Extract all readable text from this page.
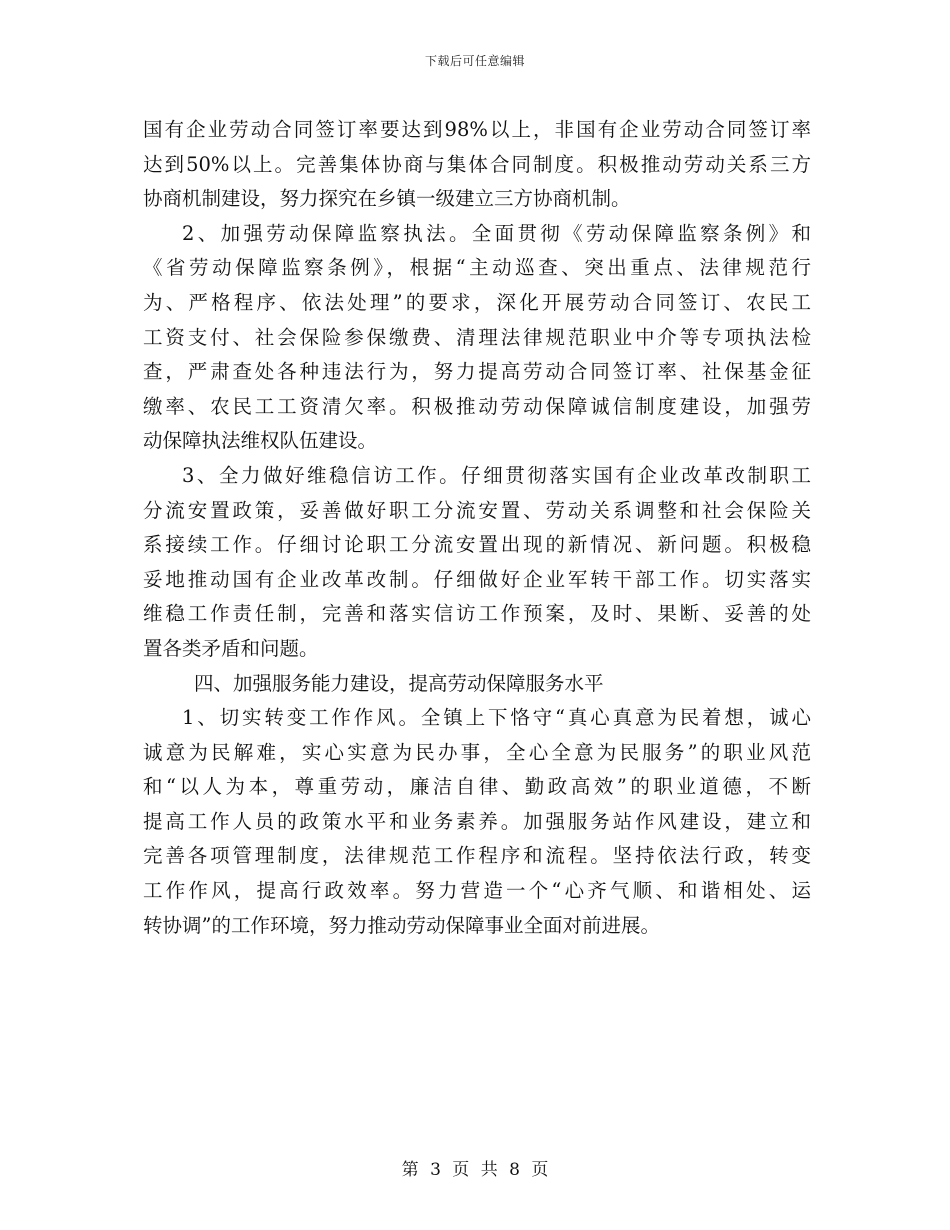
下载后可任意编辑
国有企业劳动合同签订率要达到98%以上，非国有企业劳动合同签订率
达到50%以上。完善集体协商与集体合同制度。积极推动劳动关系三方
协商机制建设，努力探究在乡镇一级建立三方协商机制。
2、加强劳动保障监察执法。全面贯彻《劳动保障监察条例》和
《省劳动保障监察条例》，根据“主动巡查、突出重点、法律规范行
为、严格程序、依法处理”的要求，深化开展劳动合同签订、农民工
工资支付、社会保险参保缴费、清理法律规范职业中介等专项执法检
查，严肃查处各种违法行为，努力提高劳动合同签订率、社保基金征
缴率、农民工工资清欠率。积极推动劳动保障诚信制度建设，加强劳
动保障执法维权队伍建设。
3、全力做好维稳信访工作。仔细贯彻落实国有企业改革改制职工
分流安置政策，妥善做好职工分流安置、劳动关系调整和社会保险关
系接续工作。仔细讨论职工分流安置出现的新情况、新问题。积极稳
妥地推动国有企业改革改制。仔细做好企业军转干部工作。切实落实
维稳工作责任制，完善和落实信访工作预案，及时、果断、妥善的处
置各类矛盾和问题。
四、加强服务能力建设，提高劳动保障服务水平
1、切实转变工作作风。全镇上下恪守“真心真意为民着想，诚心
诚意为民解难，实心实意为民办事，全心全意为民服务”的职业风范
和“以人为本，尊重劳动，廉洁自律、勤政高效”的职业道德，不断
提高工作人员的政策水平和业务素养。加强服务站作风建设，建立和
完善各项管理制度，法律规范工作程序和流程。坚持依法行政，转变
工作作风，提高行政效率。努力营造一个“心齐气顺、和谐相处、运
转协调”的工作环境，努力推动劳动保障事业全面对前进展。
第 3 页 共 8 页
